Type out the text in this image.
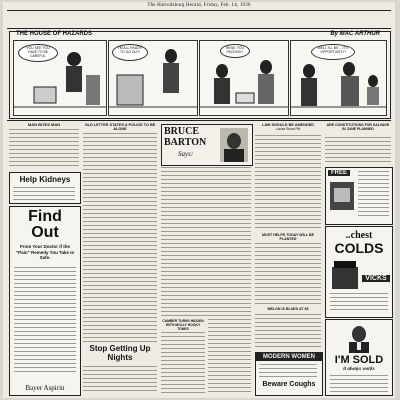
The Harrodsburg Herald, Friday, Feb. 14, 1936
THE HOUSE OF HAZARDS	By MAC ARTHUR
YOU SEE YOU HAVE TO BE CAREFUL
I'M ALL READY TO GO OUT!
WHAT YOU PACKING?
WELL I'LL BE -- IT'S OPPORTUNITY!
MAN BITES MAN
Help Kidneys
Find
Out
From Your Doctor if the "Pain" Remedy You Take Is Safe.
Bayer Aspirin
OLD LETTER STATES A POLICE TO BE ALONE
Stop Getting Up Nights
BRUCE
BARTON
Says:
CAMBER TURNS HIDDEN WITH MOLLY HOOKY TONES
LAW SHOULD BE AMENDED
Louise Stone-Pitt
MUST HELPS TODAY WILL BE PLANTED
MELON IS BLUES AT 65
MODERN WOMEN
Beware Coughs
ARE CONSTITUTIONS FOR SALVAGE IN JUNE PLANNED
FREE
..chest
COLDS
VICKS
I'M SOLD
it always works
